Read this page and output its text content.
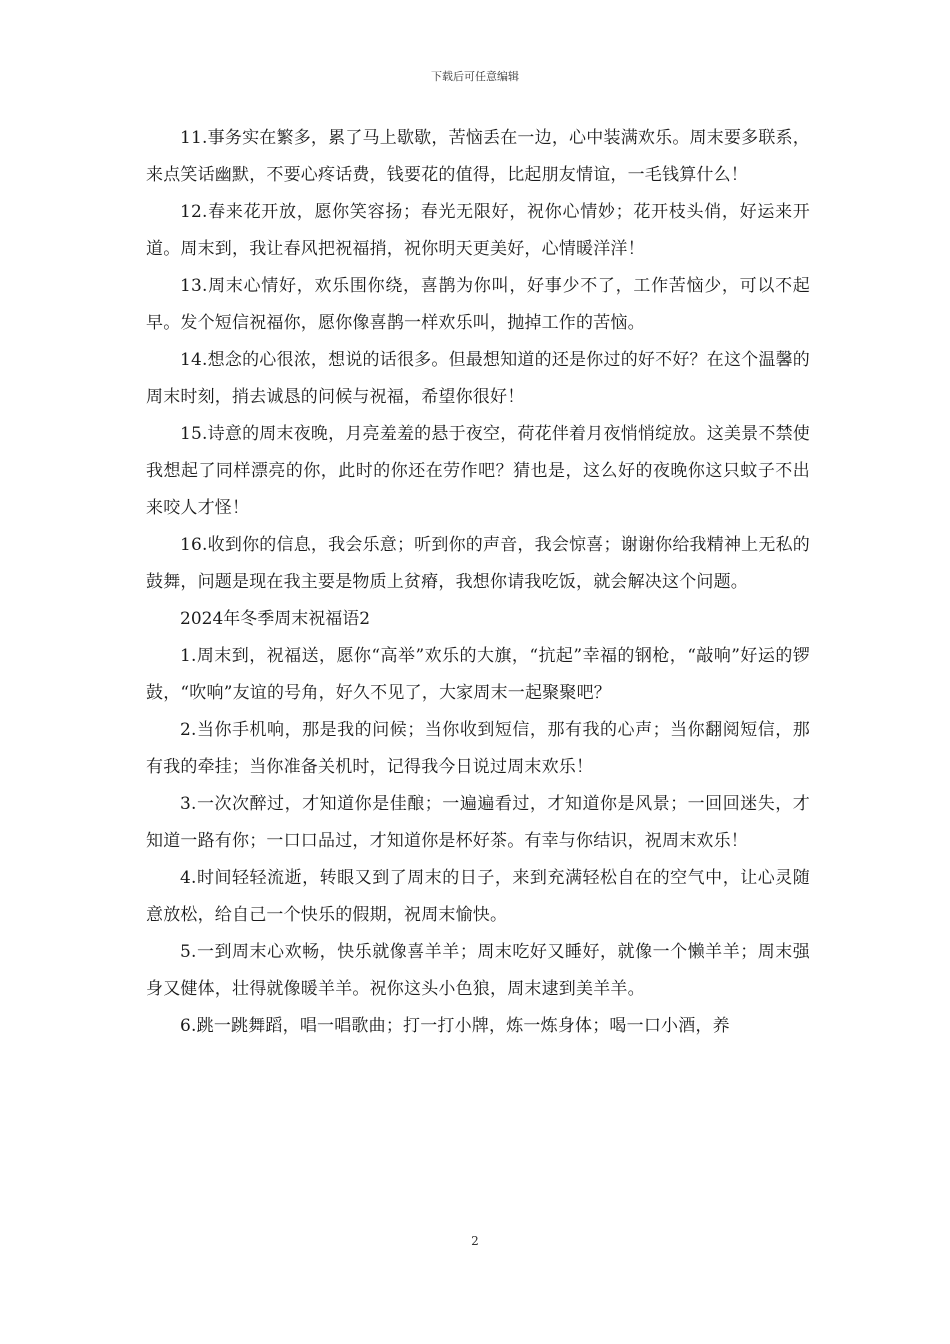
下载后可任意编辑

11.事务实在繁多，累了马上歇歇，苦恼丢在一边，心中装满欢乐。周末要多联系，来点笑话幽默，不要心疼话费，钱要花的值得，比起朋友情谊，一毛钱算什么！

12.春来花开放，愿你笑容扬；春光无限好，祝你心情妙；花开枝头俏，好运来开道。周末到，我让春风把祝福捎，祝你明天更美好，心情暖洋洋！

13.周末心情好，欢乐围你绕，喜鹊为你叫，好事少不了，工作苦恼少，可以不起早。发个短信祝福你，愿你像喜鹊一样欢乐叫，抛掉工作的苦恼。

14.想念的心很浓，想说的话很多。但最想知道的还是你过的好不好？在这个温馨的周末时刻，捎去诚恳的问候与祝福，希望你很好！

15.诗意的周末夜晚，月亮羞羞的悬于夜空，荷花伴着月夜悄悄绽放。这美景不禁使我想起了同样漂亮的你，此时的你还在劳作吧？猜也是，这么好的夜晚你这只蚊子不出来咬人才怪！

16.收到你的信息，我会乐意；听到你的声音，我会惊喜；谢谢你给我精神上无私的鼓舞，问题是现在我主要是物质上贫瘠，我想你请我吃饭，就会解决这个问题。

2024年冬季周末祝福语2

1.周末到，祝福送，愿你“高举”欢乐的大旗，“抗起”幸福的钢枪，“敲响”好运的锣鼓，“吹响”友谊的号角，好久不见了，大家周末一起聚聚吧？

2.当你手机响，那是我的问候；当你收到短信，那有我的心声；当你翻阅短信，那有我的牵挂；当你准备关机时，记得我今日说过周末欢乐！

3.一次次醉过，才知道你是佳酿；一遍遍看过，才知道你是风景；一回回迷失，才知道一路有你；一口口品过，才知道你是杯好茶。有幸与你结识，祝周末欢乐！

4.时间轻轻流逝，转眼又到了周末的日子，来到充满轻松自在的空气中，让心灵随意放松，给自己一个快乐的假期，祝周末愉快。

5.一到周末心欢畅，快乐就像喜羊羊；周末吃好又睡好，就像一个懒羊羊；周末强身又健体，壮得就像暖羊羊。祝你这头小色狼，周末逮到美羊羊。

6.跳一跳舞蹈，唱一唱歌曲；打一打小牌，炼一炼身体；喝一口小酒，养

2
